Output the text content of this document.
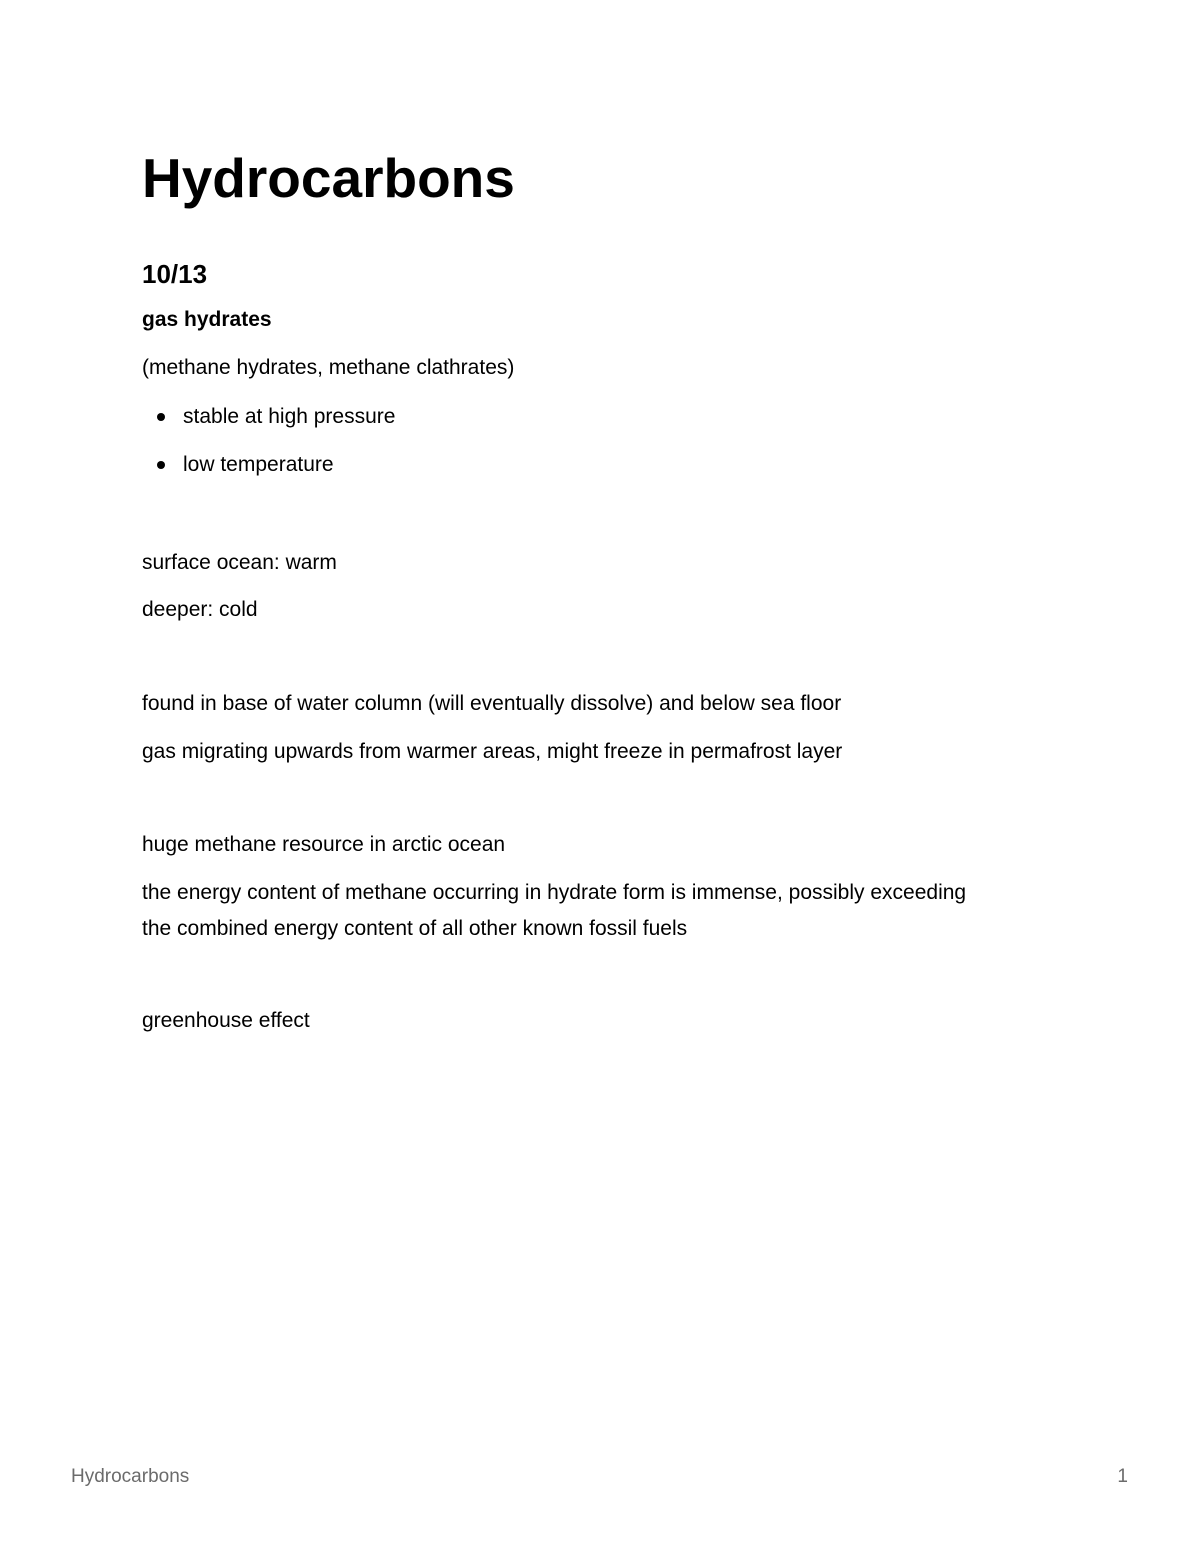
Hydrocarbons
10/13
gas hydrates

(methane hydrates, methane clathrates)

stable at high pressure
low temperature

surface ocean: warm

deeper: cold

found in base of water column (will eventually dissolve) and below sea floor

gas migrating upwards from warmer areas, might freeze in permafrost layer

huge methane resource in arctic ocean

the energy content of methane occurring in hydrate form is immense, possibly exceeding the combined energy content of all other known fossil fuels

greenhouse effect

Hydrocarbons	1
